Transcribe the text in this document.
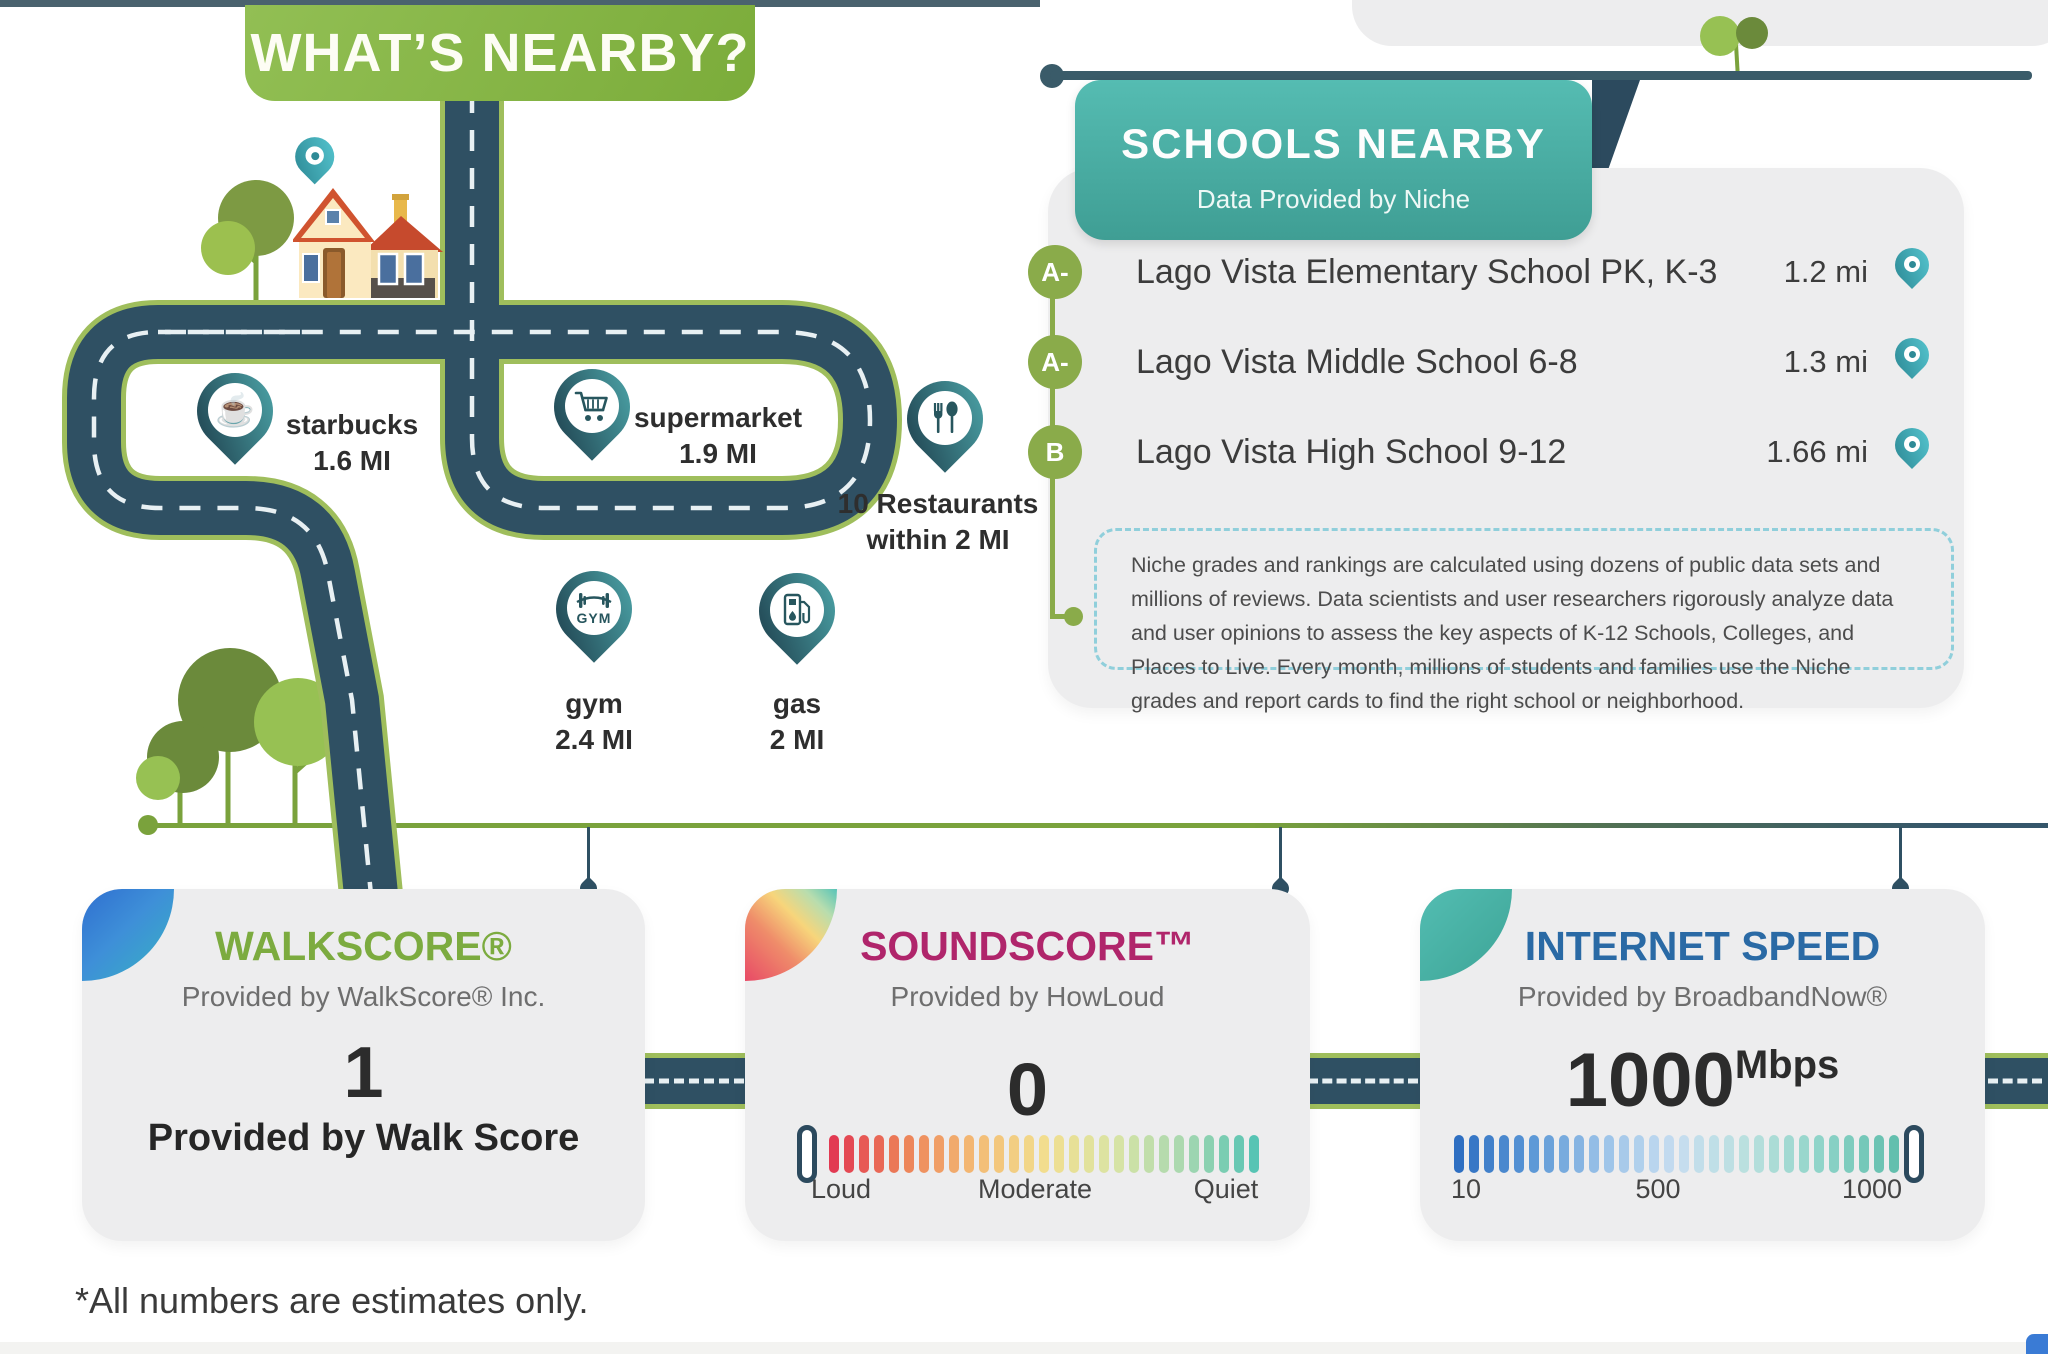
WHAT’S NEARBY?
☕
GYM
starbucks
1.6 MI
supermarket
1.9 MI
10 Restaurants
within 2 MI
gym
2.4 MI
gas
2 MI
SCHOOLS NEARBY
Data Provided by Niche
A-	Lago Vista Elementary School PK, K-3	1.2 mi
A-	Lago Vista Middle School 6-8	1.3 mi
B	Lago Vista High School 9-12	1.66 mi

Niche grades and rankings are calculated using dozens of public data sets and millions of reviews. Data scientists and user researchers rigorously analyze data and user opinions to assess the key aspects of K-12 Schools, Colleges, and Places to Live. Every month, millions of students and families use the Niche grades and report cards to find the right school or neighborhood.

WALKSCORE®
Provided by WalkScore® Inc.
1
Provided by Walk Score
SOUNDSCORE™
Provided by HowLoud
0
Loud	Moderate	Quiet
INTERNET SPEED
Provided by BroadbandNow®
$1000^{Mbps}$
10	500	1000
*All numbers are estimates only.
